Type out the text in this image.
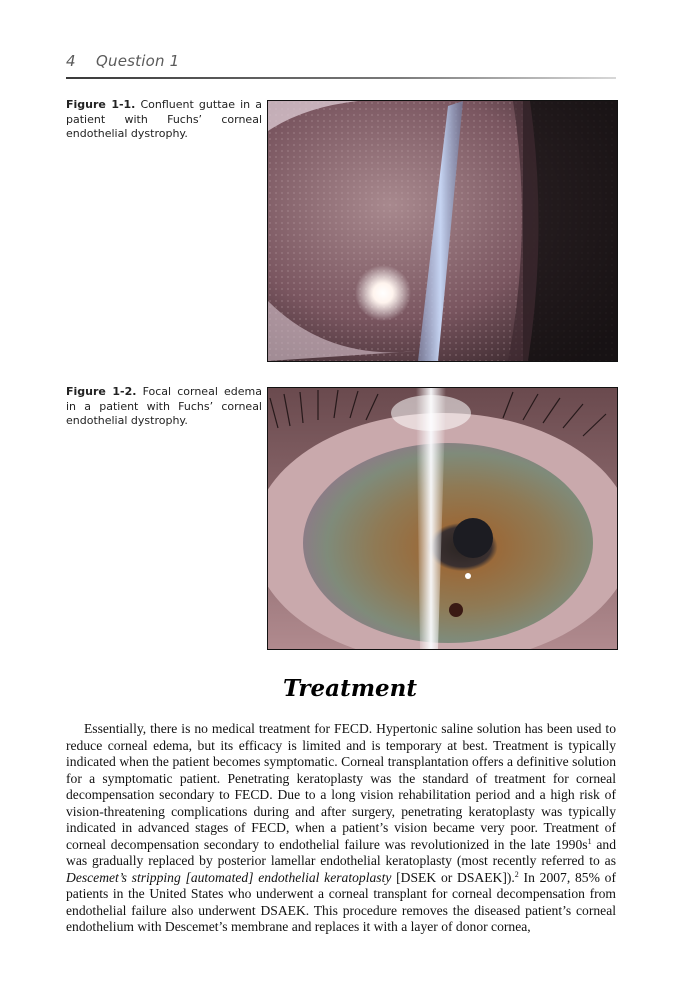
4 Question 1
Figure 1-1. Confluent guttae in a patient with Fuchs’ corneal endothelial dystrophy.
Figure 1-2. Focal corneal edema in a patient with Fuchs’ corneal endothelial dystrophy.
Treatment

Essentially, there is no medical treatment for FECD. Hypertonic saline solution has been used to reduce corneal edema, but its efficacy is limited and is temporary at best. Treatment is typically indicated when the patient becomes symptomatic. Corneal transplantation offers a definitive solution for a symptomatic patient. Penetrating keratoplasty was the standard of treatment for corneal decompensation secondary to FECD. Due to a long vision rehabilitation period and a high risk of vision-threatening complications during and after surgery, penetrating keratoplasty was typically indicated in advanced stages of FECD, when a patient’s vision became very poor. Treatment of corneal decompensation secondary to endothelial failure was revolutionized in the late $1990s^1$ and was gradually replaced by posterior lamellar endothelial keratoplasty (most recently referred to as Descemet’s stripping [automated] endothelial keratoplasty [DSEK or DSAEK]).$^2$ In 2007, 85% of patients in the United States who underwent a corneal transplant for corneal decompensation from endothelial failure also underwent DSAEK. This procedure removes the diseased patient’s corneal endothelium with Descemet’s membrane and replaces it with a layer of donor cornea,
